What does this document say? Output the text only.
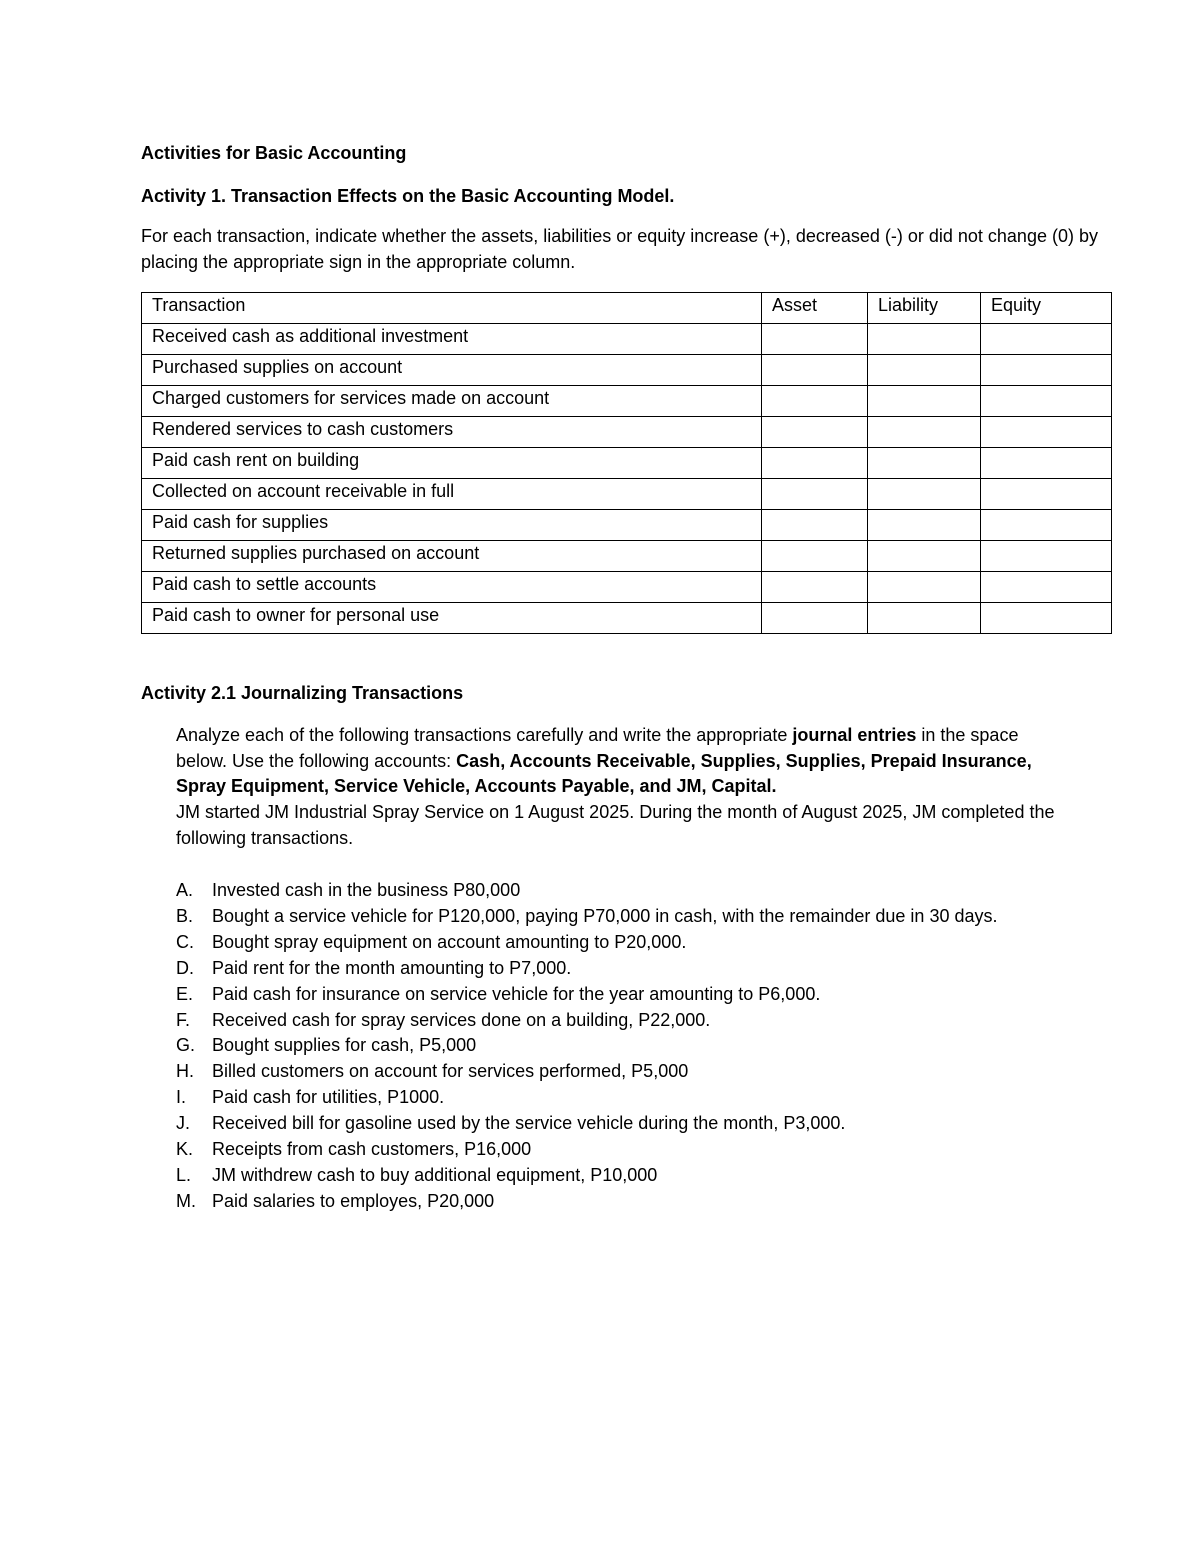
Activities for Basic Accounting
Activity 1. Transaction Effects on the Basic Accounting Model.

For each transaction, indicate whether the assets, liabilities or equity increase (+), decreased (-) or did not change (0) by placing the appropriate sign in the appropriate column.

Transaction	Asset	Liability	Equity
Received cash as additional investment			
Purchased supplies on account			
Charged customers for services made on account			
Rendered services to cash customers			
Paid cash rent on building			
Collected on account receivable in full			
Paid cash for supplies			
Returned supplies purchased on account			
Paid cash to settle accounts			
Paid cash to owner for personal use			
Activity 2.1 Journalizing Transactions
Analyze each of the following transactions carefully and write the appropriate journal entries in the space below. Use the following accounts: Cash, Accounts Receivable, Supplies, Supplies, Prepaid Insurance, Spray Equipment, Service Vehicle, Accounts Payable, and JM, Capital.
JM started JM Industrial Spray Service on 1 August 2025. During the month of August 2025, JM completed the following transactions.
A.	Invested cash in the business P80,000
B.	Bought a service vehicle for P120,000, paying P70,000 in cash, with the remainder due in 30 days.
C.	Bought spray equipment on account amounting to P20,000.
D.	Paid rent for the month amounting to P7,000.
E.	Paid cash for insurance on service vehicle for the year amounting to P6,000.
F.	Received cash for spray services done on a building, P22,000.
G. Bought supplies for cash, P5,000
H.	Billed customers on account for services performed, P5,000
I.	Paid cash for utilities, P1000.
J.	Received bill for gasoline used by the service vehicle during the month, P3,000.
K.	Receipts from cash customers, P16,000
L.	JM withdrew cash to buy additional equipment, P10,000
M. Paid salaries to employes, P20,000
